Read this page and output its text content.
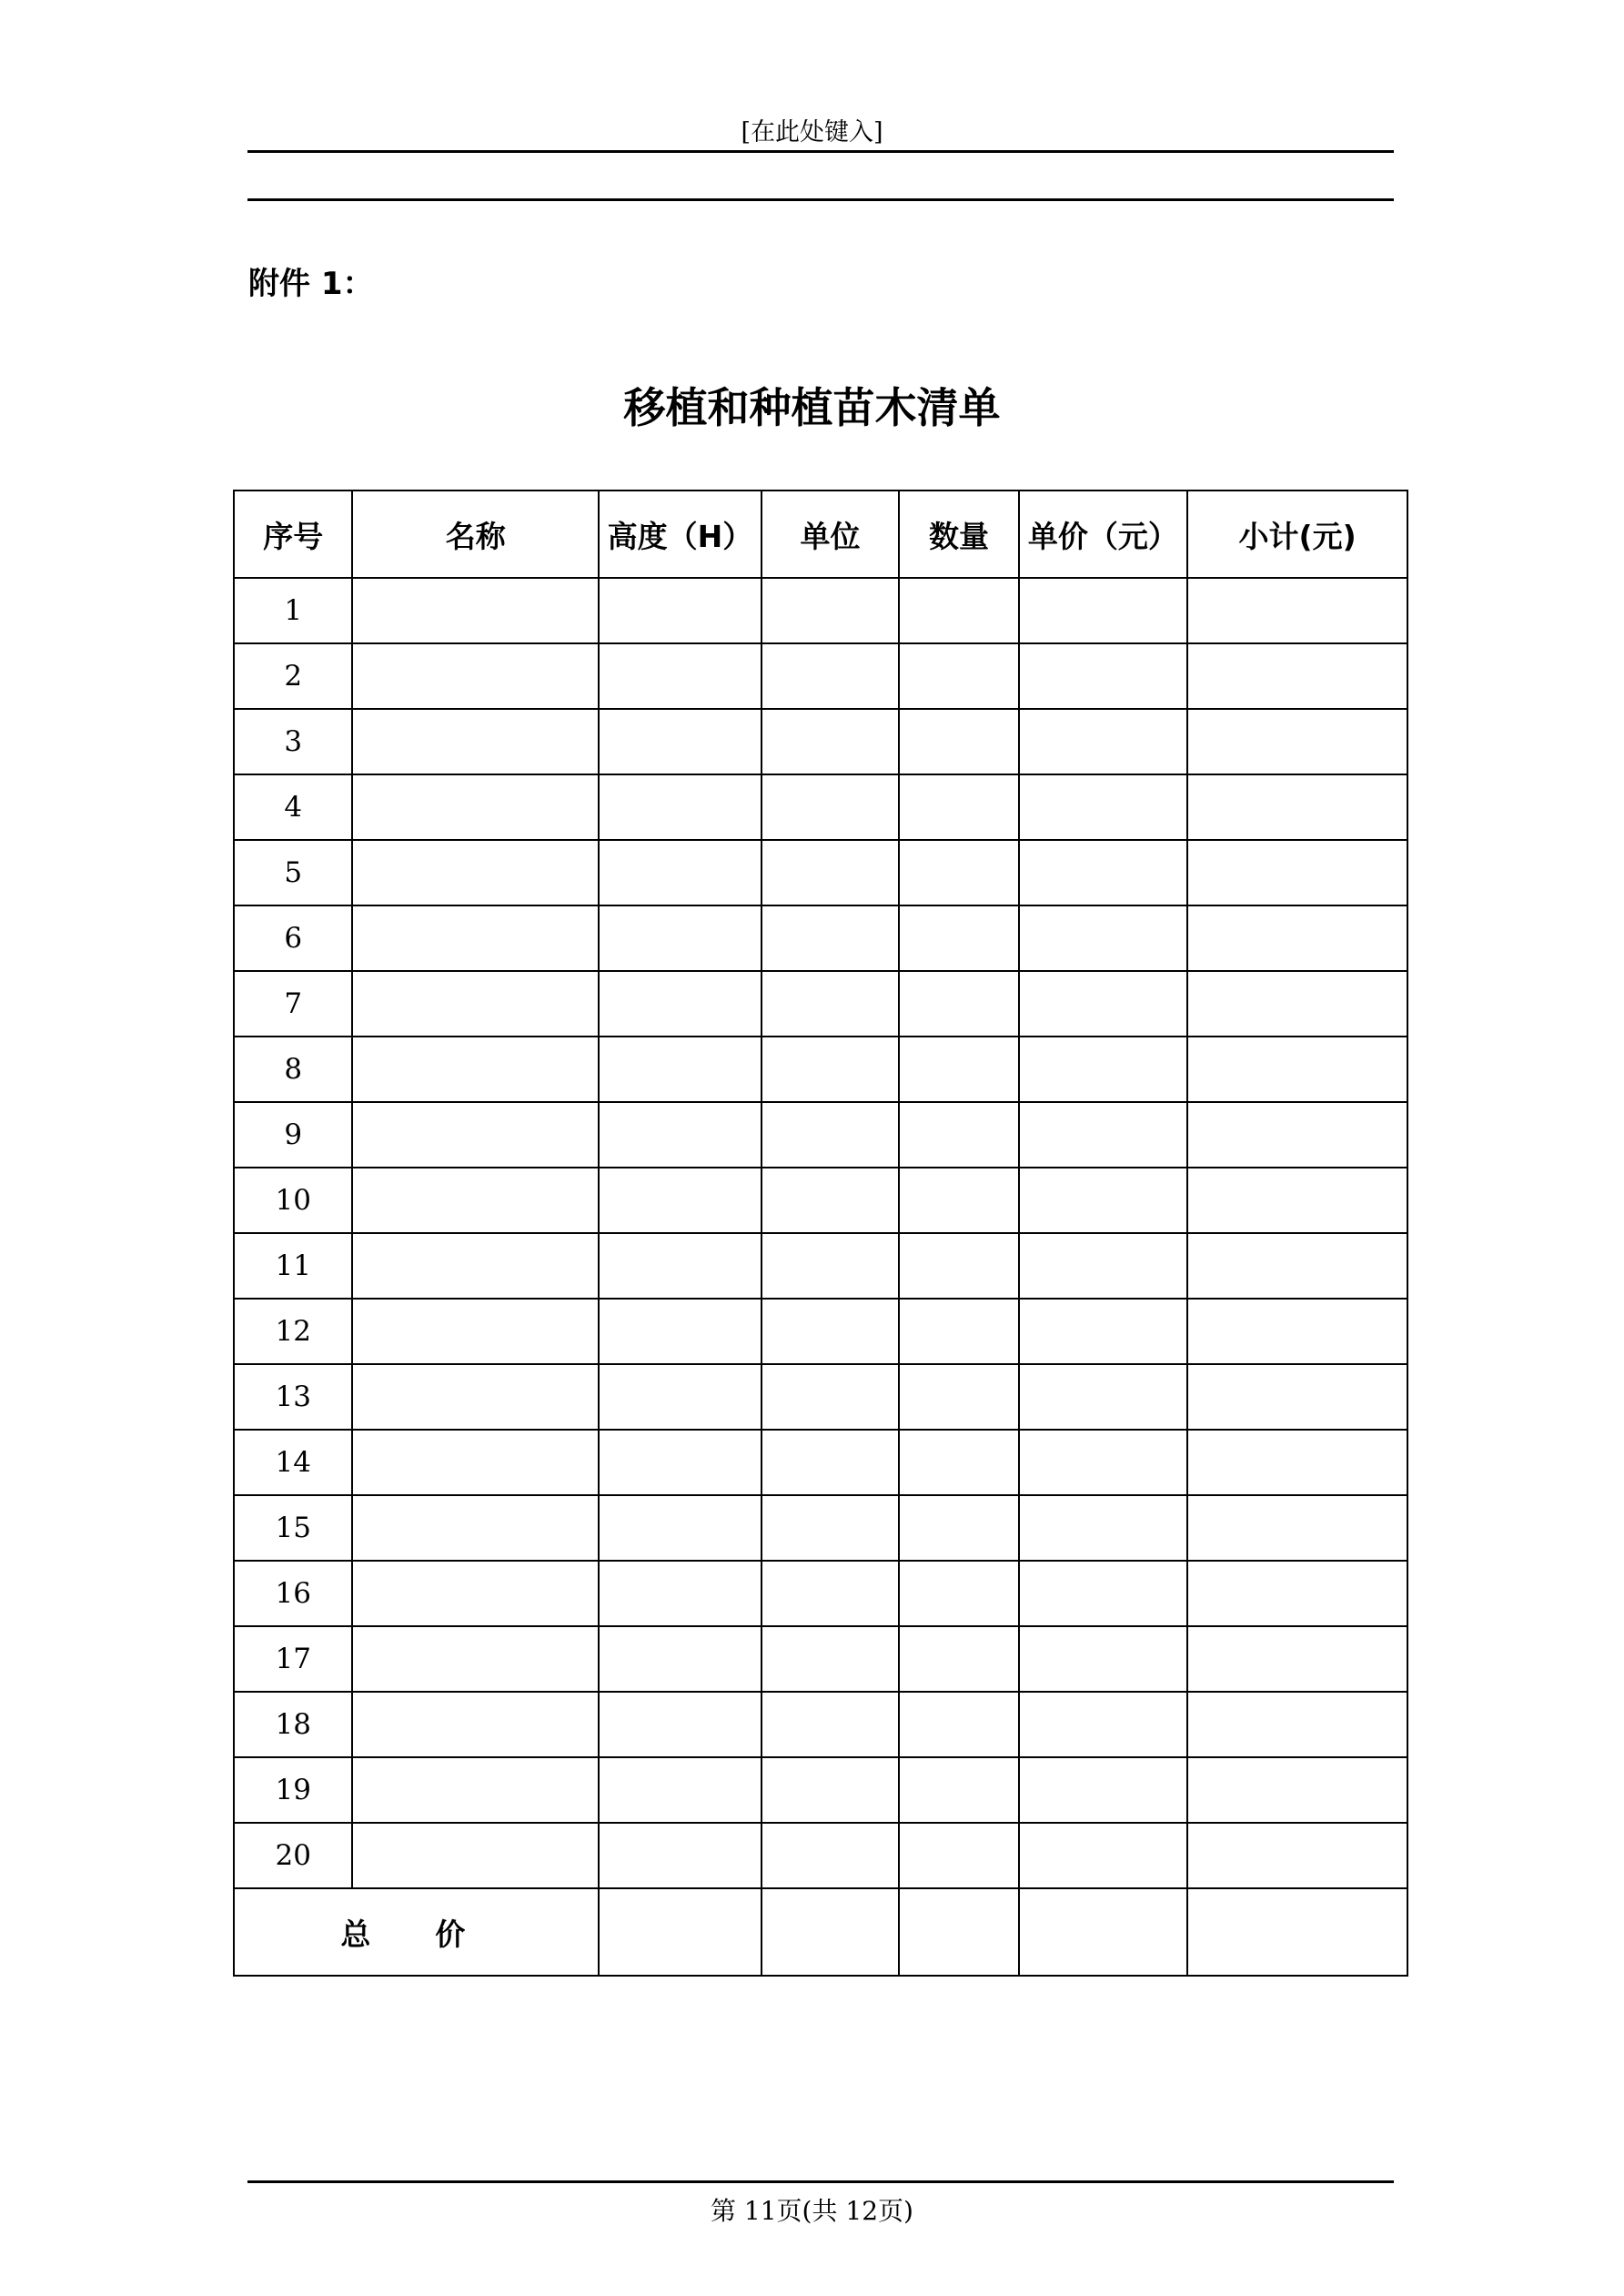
[在此处键入]
附件 1：
移植和种植苗木清单
序号	名称	高度（H）	单位	数量	单价（元）	小计(元)
1						
2						
3						
4						
5						
6						
7						
8						
9						
10						
11						
12						
13						
14						
15						
16						
17						
18						
19						
20						
总 价						
第 11页(共 12页)
